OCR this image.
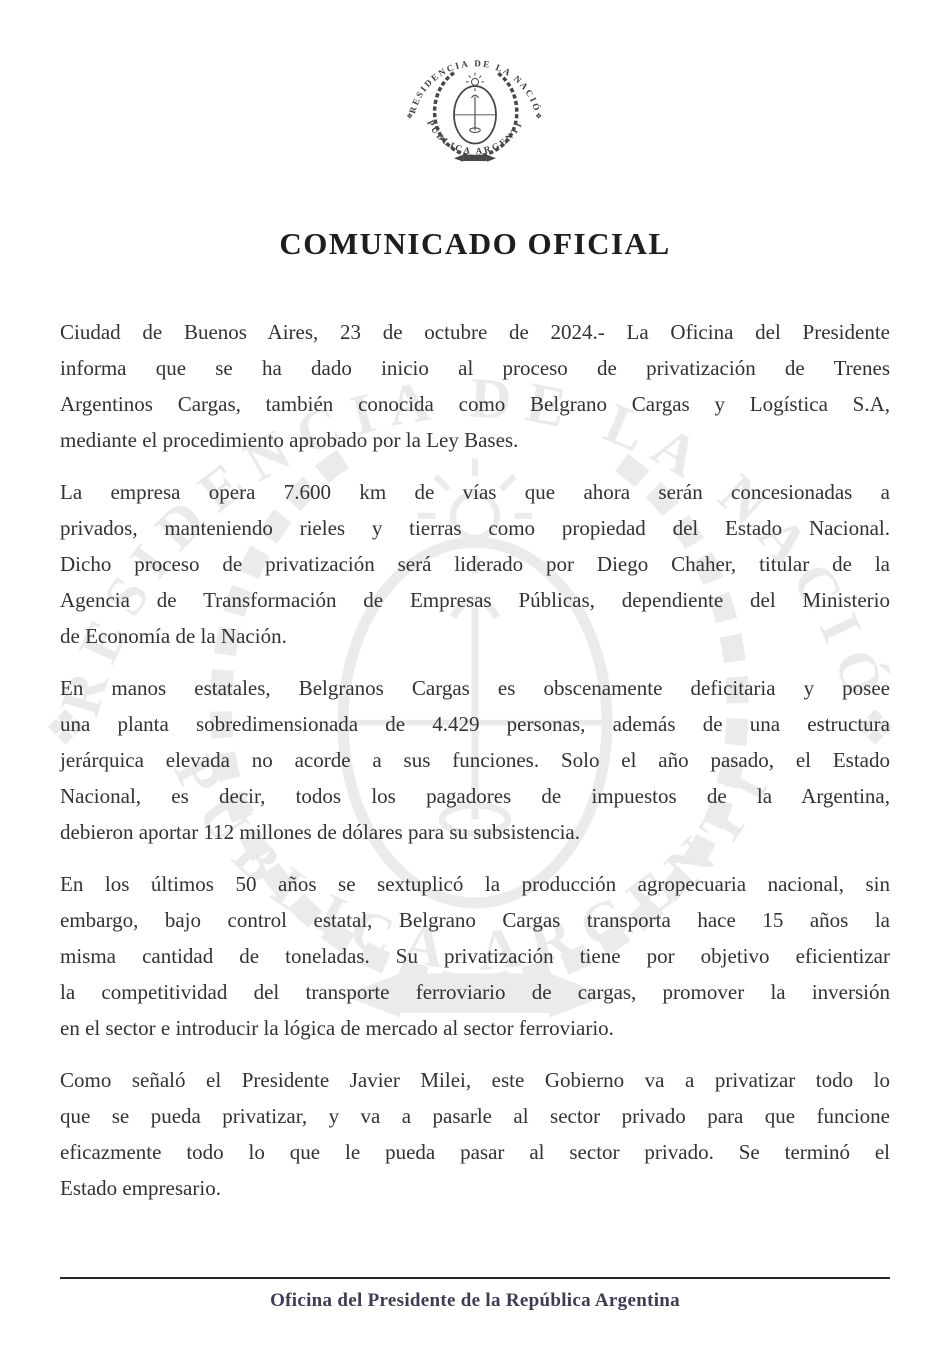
COMUNICADO OFICIAL

Ciudad de Buenos Aires, 23 de octubre de 2024.- La Oficina del Presidente
informa que se ha dado inicio al proceso de privatización de Trenes
Argentinos Cargas, también conocida como Belgrano Cargas y Logística S.A,
mediante el procedimiento aprobado por la Ley Bases.

La empresa opera 7.600 km de vías que ahora serán concesionadas a
privados, manteniendo rieles y tierras como propiedad del Estado Nacional.
Dicho proceso de privatización será liderado por Diego Chaher, titular de la
Agencia de Transformación de Empresas Públicas, dependiente del Ministerio
de Economía de la Nación.

En manos estatales, Belgranos Cargas es obscenamente deficitaria y posee
una planta sobredimensionada de 4.429 personas, además de una estructura
jerárquica elevada no acorde a sus funciones. Solo el año pasado, el Estado
Nacional, es decir, todos los pagadores de impuestos de la Argentina,
debieron aportar 112 millones de dólares para su subsistencia.

En los últimos 50 años se sextuplicó la producción agropecuaria nacional, sin
embargo, bajo control estatal, Belgrano Cargas transporta hace 15 años la
misma cantidad de toneladas. Su privatización tiene por objetivo eficientizar
la competitividad del transporte ferroviario de cargas, promover la inversión
en el sector e introducir la lógica de mercado al sector ferroviario.

Como señaló el Presidente Javier Milei, este Gobierno va a privatizar todo lo
que se pueda privatizar, y va a pasarle al sector privado para que funcione
eficazmente todo lo que le pueda pasar al sector privado. Se terminó el
Estado empresario.

Oficina del Presidente de la República Argentina
